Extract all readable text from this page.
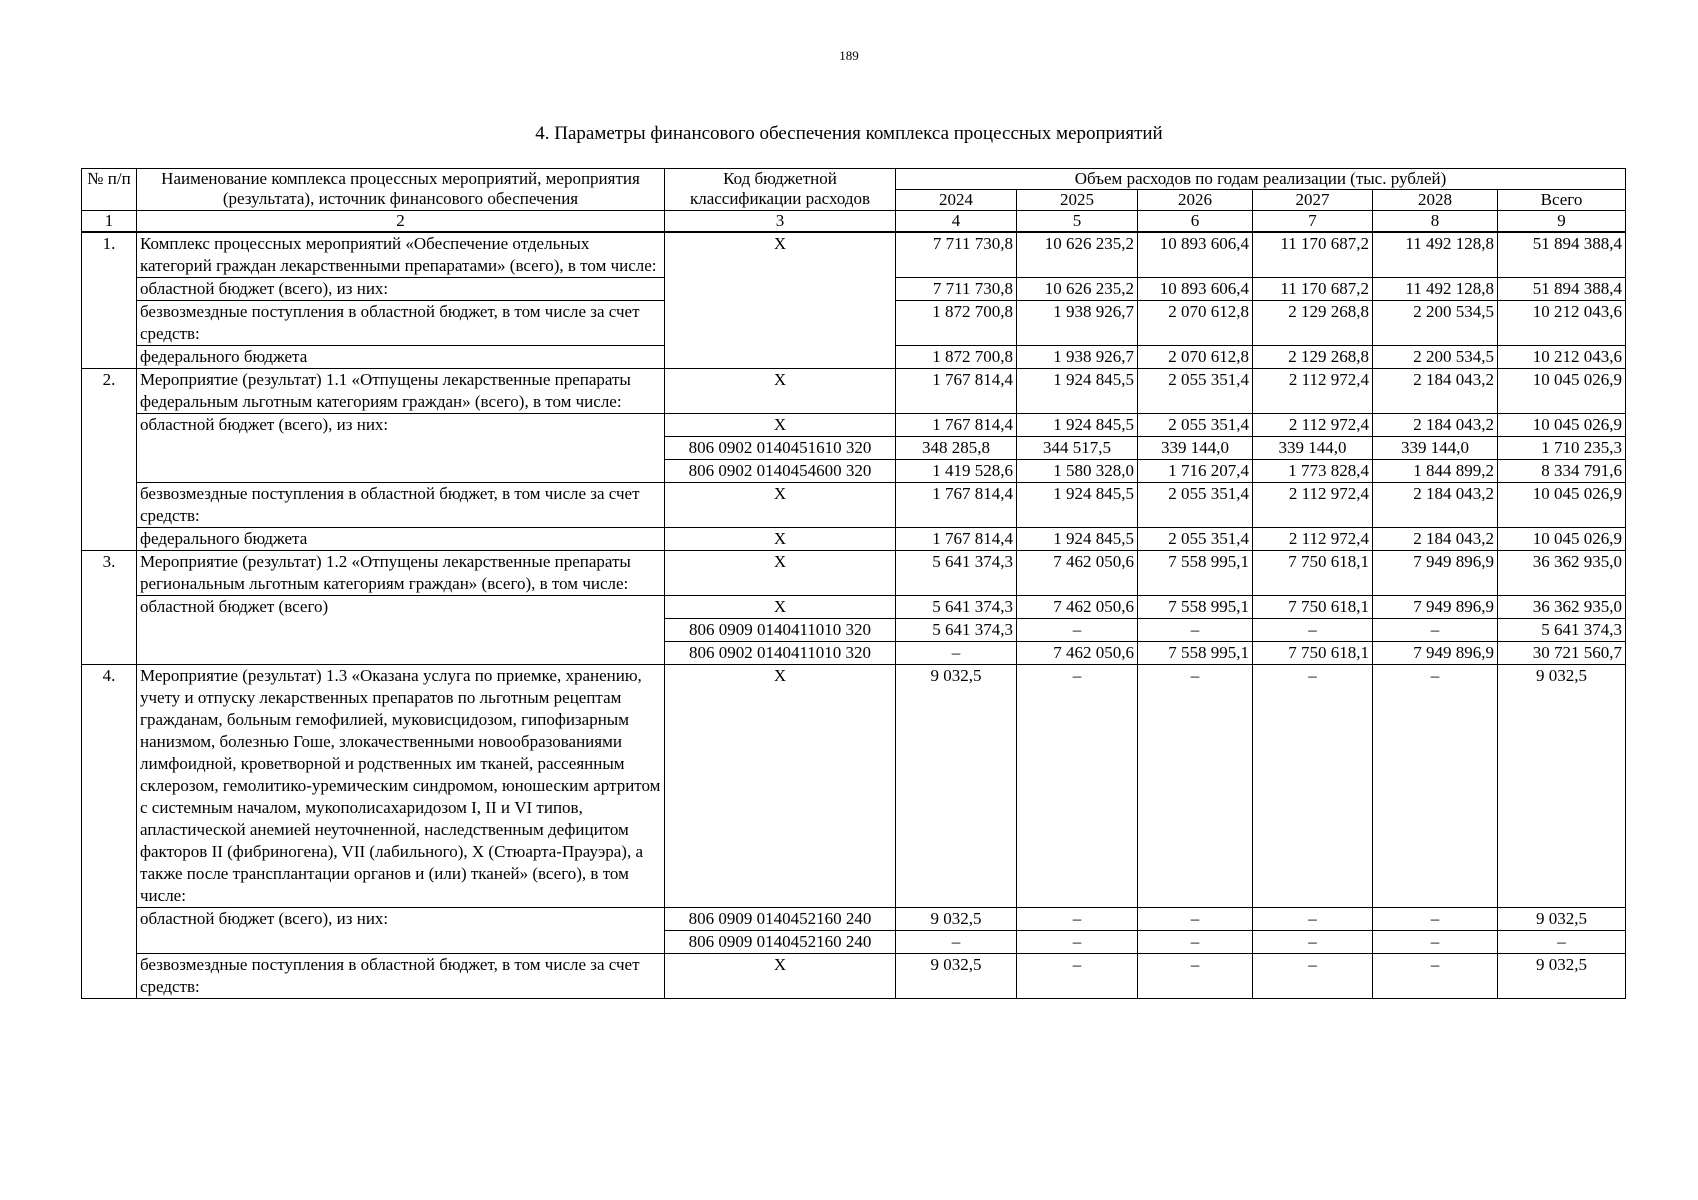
189
4. Параметры финансового обеспечения комплекса процессных мероприятий
№ п/п	Наименование комплекса процессных мероприятий, мероприятия (результата), источник финансового обеспечения	Код бюджетной классификации расходов	Объем расходов по годам реализации (тыс. рублей)					
			2024	2025	2026	2027	2028	Всего
1	2	3	4	5	6	7	8	9
1.	Комплекс процессных мероприятий «Обеспечение отдельных категорий граждан лекарственными препаратами» (всего), в том числе:	Х	7 711 730,8	10 626 235,2	10 893 606,4	11 170 687,2	11 492 128,8	51 894 388,4
	областной бюджет (всего), из них:		7 711 730,8	10 626 235,2	10 893 606,4	11 170 687,2	11 492 128,8	51 894 388,4
	безвозмездные поступления в областной бюджет, в том числе за счет средств:		1 872 700,8	1 938 926,7	2 070 612,8	2 129 268,8	2 200 534,5	10 212 043,6
	федерального бюджета		1 872 700,8	1 938 926,7	2 070 612,8	2 129 268,8	2 200 534,5	10 212 043,6
2.	Мероприятие (результат) 1.1 «Отпущены лекарственные препараты федеральным льготным категориям граждан» (всего), в том числе:	Х	1 767 814,4	1 924 845,5	2 055 351,4	2 112 972,4	2 184 043,2	10 045 026,9
	областной бюджет (всего), из них:	Х	1 767 814,4	1 924 845,5	2 055 351,4	2 112 972,4	2 184 043,2	10 045 026,9
		806 0902 0140451610 320	348 285,8	344 517,5	339 144,0	339 144,0	339 144,0	1 710 235,3
		806 0902 0140454600 320	1 419 528,6	1 580 328,0	1 716 207,4	1 773 828,4	1 844 899,2	8 334 791,6
	безвозмездные поступления в областной бюджет, в том числе за счет средств:	Х	1 767 814,4	1 924 845,5	2 055 351,4	2 112 972,4	2 184 043,2	10 045 026,9
	федерального бюджета	Х	1 767 814,4	1 924 845,5	2 055 351,4	2 112 972,4	2 184 043,2	10 045 026,9
3.	Мероприятие (результат) 1.2 «Отпущены лекарственные препараты региональным льготным категориям граждан» (всего), в том числе:	Х	5 641 374,3	7 462 050,6	7 558 995,1	7 750 618,1	7 949 896,9	36 362 935,0
	областной бюджет (всего)	Х	5 641 374,3	7 462 050,6	7 558 995,1	7 750 618,1	7 949 896,9	36 362 935,0
		806 0909 0140411010 320	5 641 374,3	–	–	–	–	5 641 374,3
		806 0902 0140411010 320	–	7 462 050,6	7 558 995,1	7 750 618,1	7 949 896,9	30 721 560,7
4.	Мероприятие (результат) 1.3 «Оказана услуга по приемке, хранению, учету и отпуску лекарственных препаратов по льготным рецептам гражданам, больным гемофилией, муковисцидозом, гипофизарным нанизмом, болезнью Гоше, злокачественными новообразованиями лимфоидной, кроветворной и родственных им тканей, рассеянным склерозом, гемолитико-уремическим синдромом, юношеским артритом с системным началом, мукополисахаридозом I, II и VI типов, апластической анемией неуточненной, наследственным дефицитом факторов II (фибриногена), VII (лабильного), Х (Стюарта-Прауэра), а также после трансплантации органов и (или) тканей» (всего), в том числе:	Х	9 032,5	–	–	–	–	9 032,5
	областной бюджет (всего), из них:	806 0909 0140452160 240	9 032,5	–	–	–	–	9 032,5
		806 0909 0140452160 240	–	–	–	–	–	–
	безвозмездные поступления в областной бюджет, в том числе за счет средств:	Х	9 032,5	–	–	–	–	9 032,5
